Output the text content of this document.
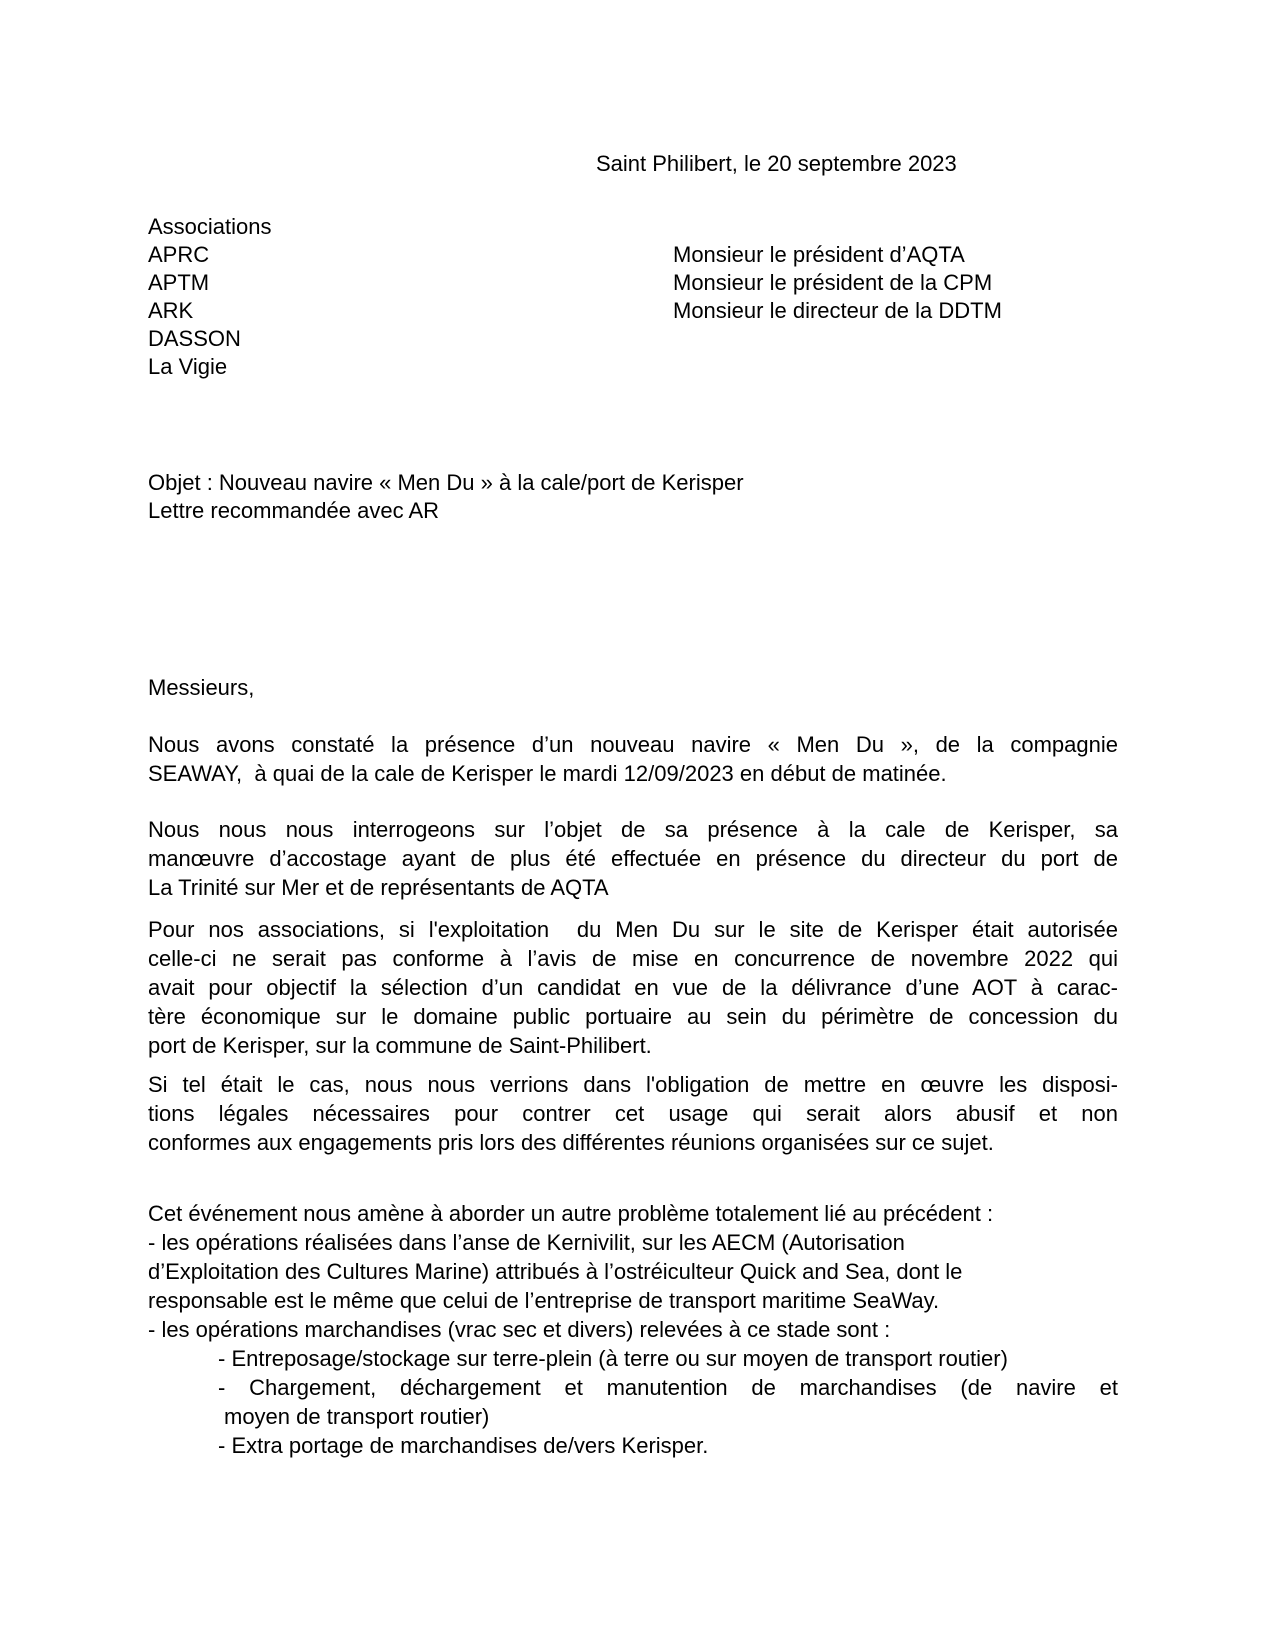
Saint Philibert, le 20 septembre 2023
Associations
APRC	Monsieur le président d’AQTA
APTM	Monsieur le président de la CPM
ARK	Monsieur le directeur de la DDTM
DASSON
La Vigie
Objet : Nouveau navire « Men Du » à la cale/port de Kerisper
Lettre recommandée avec AR
Messieurs,
Nous avons constaté la présence d’un nouveau navire « Men Du », de la compagnie
SEAWAY,  à quai de la cale de Kerisper le mardi 12/09/2023 en début de matinée.
Nous nous nous interrogeons sur l’objet de sa présence à la cale de Kerisper, sa
manœuvre d’accostage ayant de plus été effectuée en présence du directeur du port de
La Trinité sur Mer et de représentants de AQTA
Pour nos associations, si l'exploitation  du Men Du sur le site de Kerisper était autorisée
celle-ci ne serait pas conforme à l’avis de mise en concurrence de novembre 2022 qui
avait pour objectif la sélection d’un candidat en vue de la délivrance d’une AOT à carac-
tère économique sur le domaine public portuaire au sein du périmètre de concession du
port de Kerisper, sur la commune de Saint-Philibert.
Si tel était le cas, nous nous verrions dans l'obligation de mettre en œuvre les disposi-
tions légales nécessaires pour contrer cet usage qui serait alors abusif et non
conformes aux engagements pris lors des différentes réunions organisées sur ce sujet.
Cet événement nous amène à aborder un autre problème totalement lié au précédent :
- les opérations réalisées dans l’anse de Kernivilit, sur les AECM (Autorisation
d’Exploitation des Cultures Marine) attribués à l’ostréiculteur Quick and Sea, dont le
responsable est le même que celui de l’entreprise de transport maritime SeaWay.
- les opérations marchandises (vrac sec et divers) relevées à ce stade sont :
- Entreposage/stockage sur terre-plein (à terre ou sur moyen de transport routier)
- Chargement, déchargement et manutention de marchandises (de navire et
moyen de transport routier)
- Extra portage de marchandises de/vers Kerisper.
